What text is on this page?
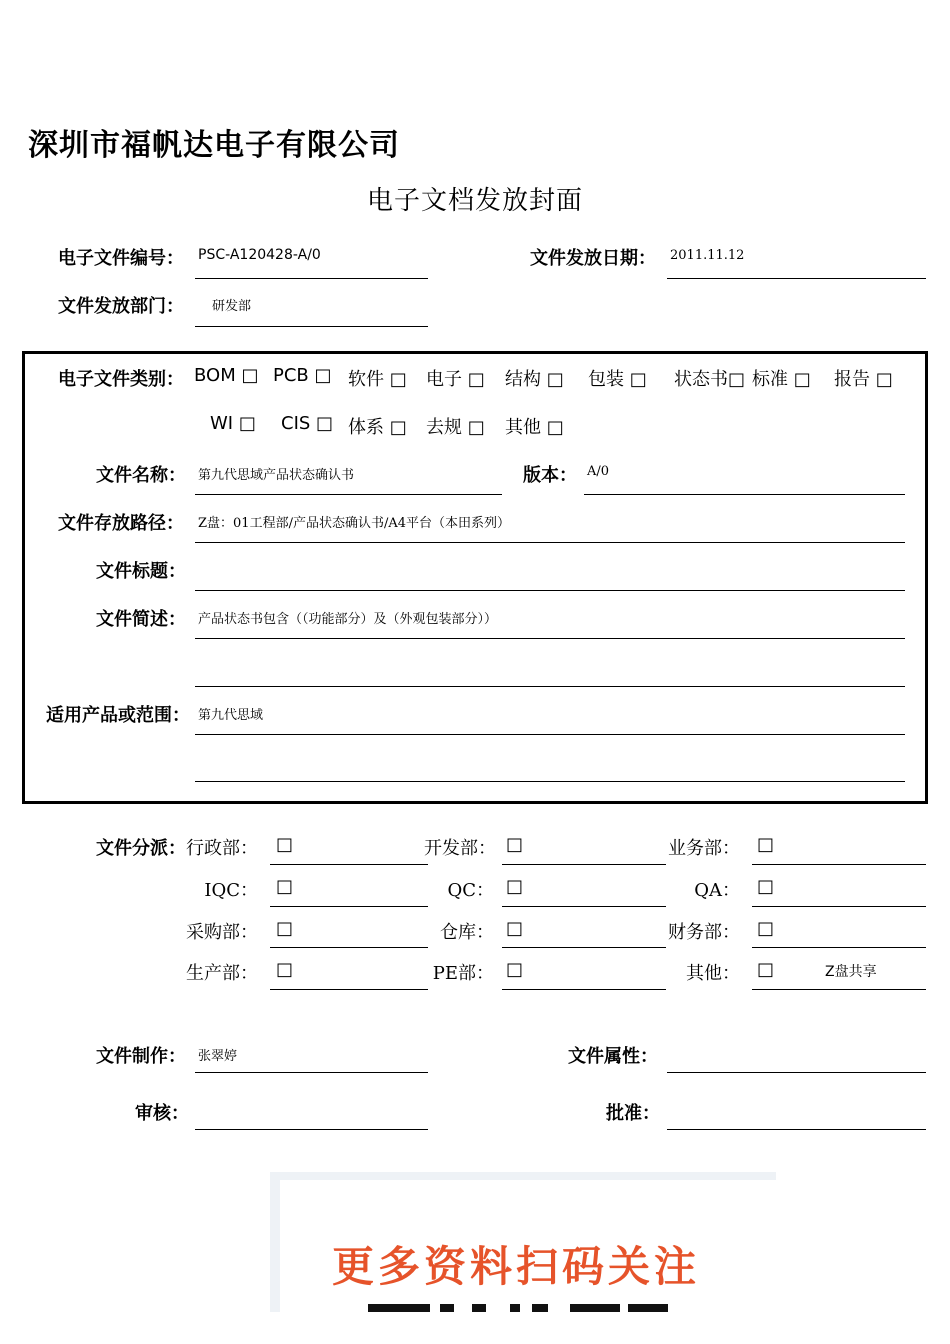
深圳市福帆达电子有限公司
电子文档发放封面
电子文件编号： PSC-A120428-A/0	文件发放日期： 2011.11.12
文件发放部门： 研发部
电子文件类别： BOM □ PCB □ 软件 □ 电子 □ 结构 □ 包装 □ 状态书□ 标准 □ 报告 □
WI □ CIS □ 体系 □ 去规 □ 其他 □
文件名称： 第九代思域产品状态确认书	版本： A/0
文件存放路径： Z盘：01工程部/产品状态确认书/A4平台（本田系列）
文件标题：
文件简述： 产品状态书包含（（功能部分）及（外观包装部分））
适用产品或范围： 第九代思域
文件分派： 行政部： □	开发部： □	业务部： □
IQC： □	QC： □	QA： □
采购部： □	仓库： □	财务部： □
生产部： □	PE部： □	其他： □	Z盘共享
文件制作： 张翠婷	文件属性：
审核：	批准：
更多资料扫码关注
